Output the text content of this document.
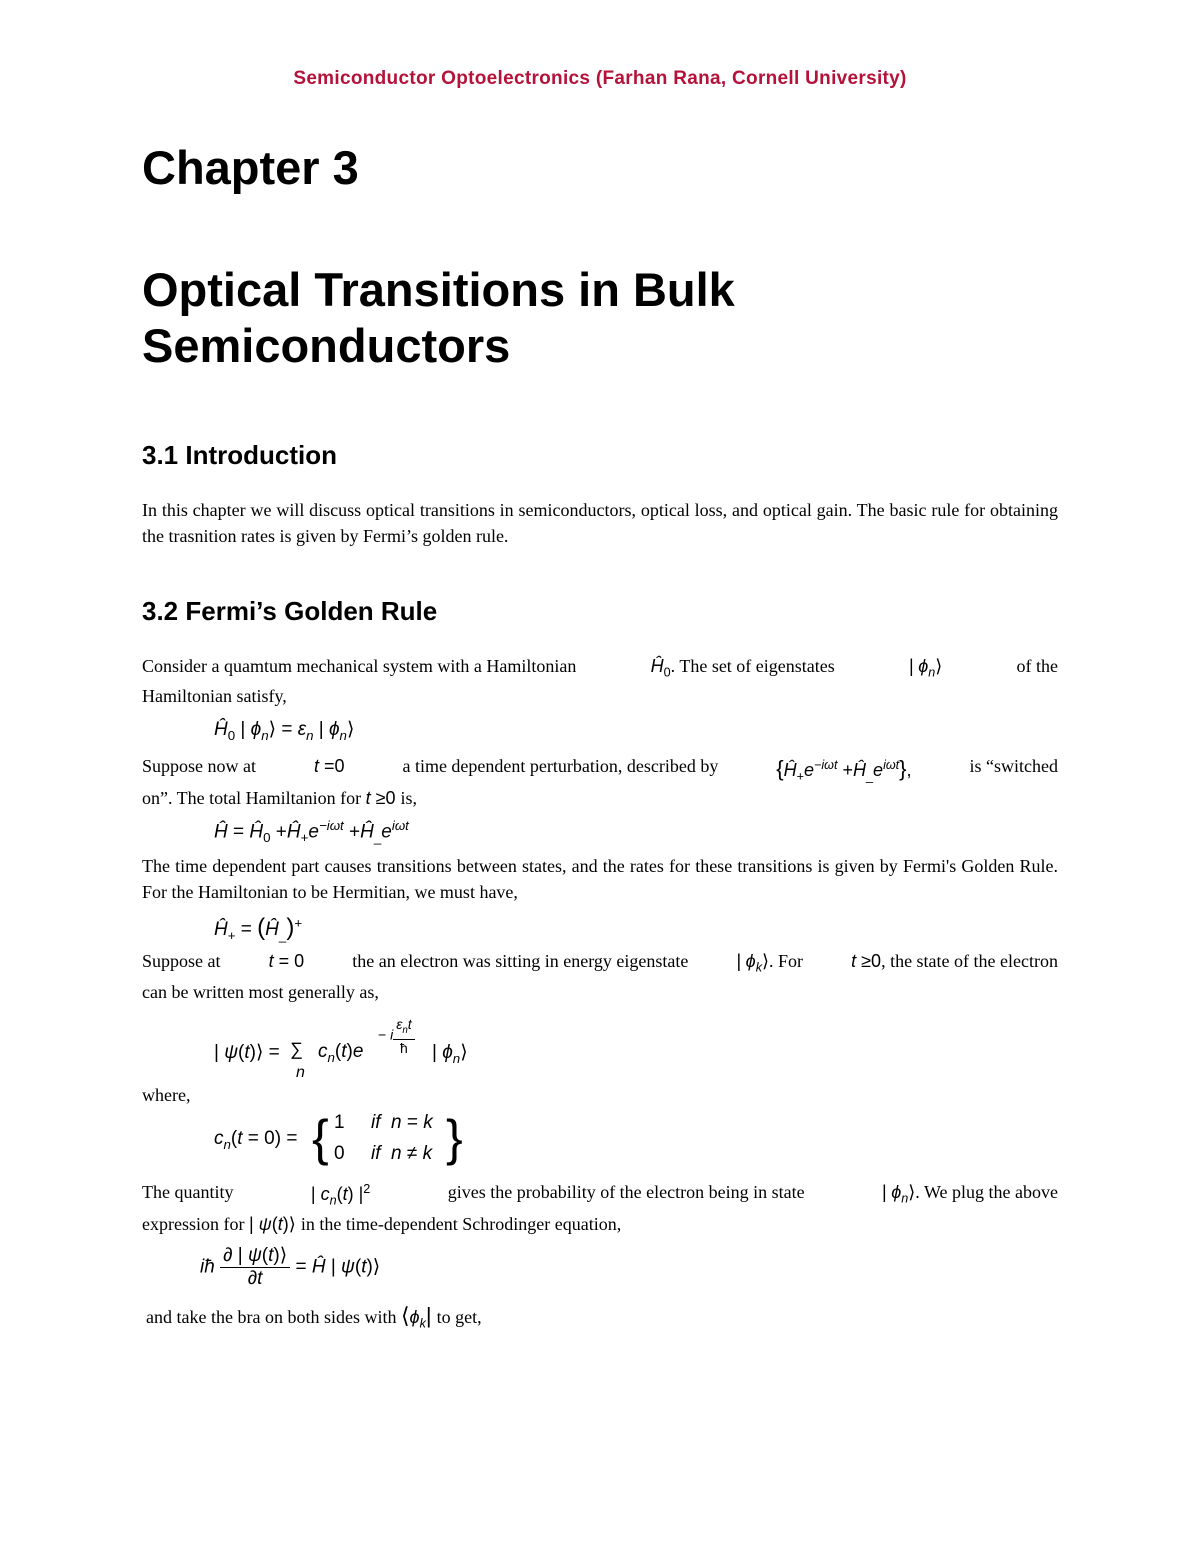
Semiconductor Optoelectronics (Farhan Rana, Cornell University)
Chapter 3
Optical Transitions in Bulk
Semiconductors
3.1 Introduction
In this chapter we will discuss optical transitions in semiconductors, optical loss, and optical gain. The basic rule for obtaining the trasnition rates is given by Fermi’s golden rule.
3.2 Fermi’s Golden Rule
Consider a quamtum mechanical system with a Hamiltonian	$Ĥ_0$. The set of eigenstates	| $\phi_n⟩$	of the
Hamiltonian satisfy,
$Ĥ_0$ | $\phi_n⟩ = \varepsilon_n$ | $\phi_n⟩$
Suppose now at	t =0	a time dependent perturbation, described by	{$Ĥ_+e^{-i\omega t}$ $+Ĥ_{\_}e^{i\omega t}$},	is “switched
on”. The total Hamiltanion for t ≥0 is,
Ĥ = $Ĥ_0$ $+Ĥ_+e^{-i\omega t}$ $+Ĥ_{\_}e^{i\omega t}$
The time dependent part causes transitions between states, and the rates for these transitions is given by Fermi's Golden Rule. For the Hamiltonian to be Hermitian, we must have,
$Ĥ_+$ = $(Ĥ_{\_})^+$
Suppose at	t = 0	the an electron was sitting in energy eigenstate	| $\phi_k⟩$. For	t ≥0, the state of the electron
can be written most generally as,
| ψ(t)⟩ = ∑
n
$c_n(t)e$
− i $\frac{\varepsilon_nt}{ħ}$ | $\phi_n⟩$
where,
$c_n(t = 0)$ = { 1     if  n = k
0     if  n ≠ k }
The quantity	| $c_n(t)$ $|^2$	gives the probability of the electron being in state	| $\phi_n⟩$. We plug the above
expression for | ψ(t)⟩ in the time-dependent Schrodinger equation,
iħ $\frac{\partial | \psi(t)⟩}{\partial t}$ = Ĥ | ψ(t)⟩
and take the bra on both sides with $⟨\phi_k|$ to get,
